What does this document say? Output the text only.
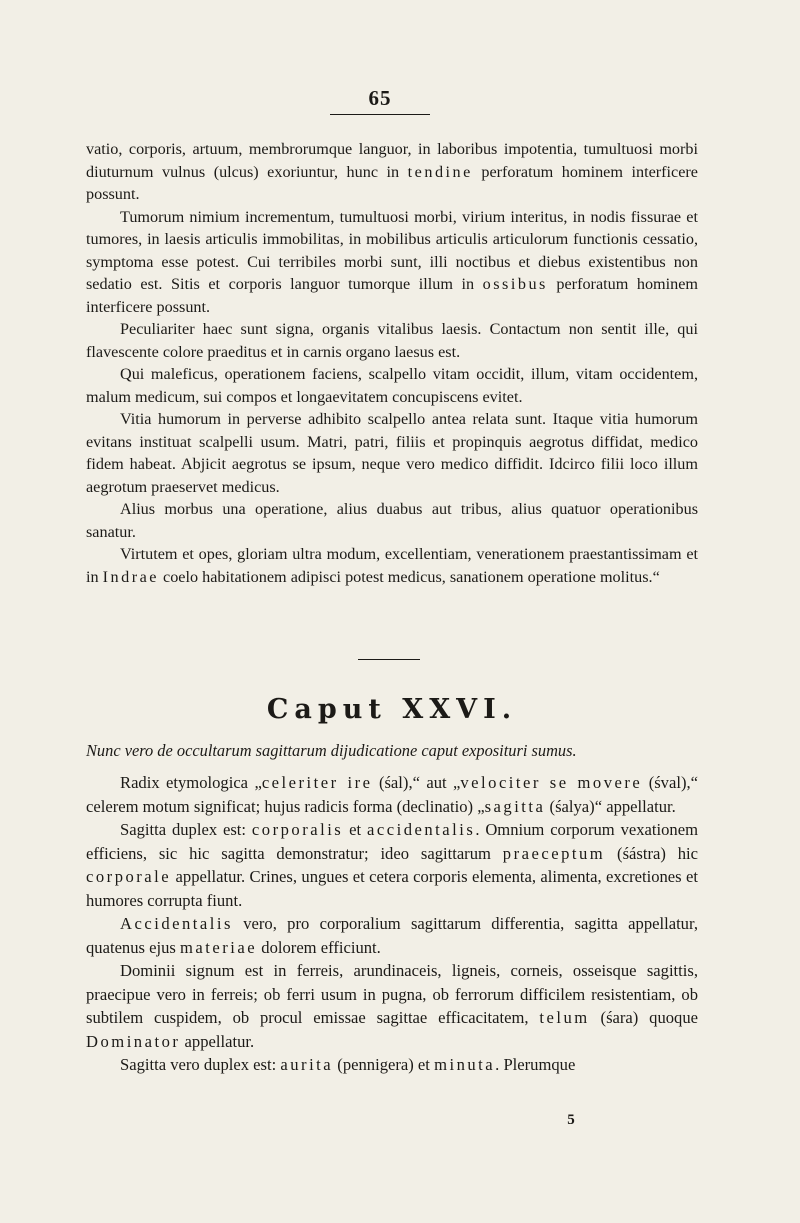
65

vatio, corporis, artuum, membrorumque languor, in laboribus impotentia, tumultuosi morbi diuturnum vulnus (ulcus) exoriuntur, hunc in tendine perforatum hominem interficere possunt.

Tumorum nimium incrementum, tumultuosi morbi, virium interitus, in nodis fissurae et tumores, in laesis articulis immobilitas, in mobilibus articulis articulorum functionis cessatio, symptoma esse potest. Cui terribiles morbi sunt, illi noctibus et diebus existentibus non sedatio est. Sitis et corporis languor tumorque illum in ossibus perforatum hominem interficere possunt.

Peculiariter haec sunt signa, organis vitalibus laesis. Contactum non sentit ille, qui flavescente colore praeditus et in carnis organo laesus est.

Qui maleficus, operationem faciens, scalpello vitam occidit, illum, vitam occidentem, malum medicum, sui compos et longaevitatem concupiscens evitet.

Vitia humorum in perverse adhibito scalpello antea relata sunt. Itaque vitia humorum evitans instituat scalpelli usum. Matri, patri, filiis et propinquis aegrotus diffidat, medico fidem habeat. Abjicit aegrotus se ipsum, neque vero medico diffidit. Idcirco filii loco illum aegrotum praeservet medicus.

Alius morbus una operatione, alius duabus aut tribus, alius quatuor operationibus sanatur.

Virtutem et opes, gloriam ultra modum, excellentiam, venerationem praestantissimam et in Indrae coelo habitationem adipisci potest medicus, sanationem operatione molitus.“

Caput XXVI.
Nunc vero de occultarum sagittarum dijudicatione caput exposituri sumus.

Radix etymologica „celeriter ire (śal),“ aut „velociter se movere (śval),“ celerem motum significat; hujus radicis forma (declinatio) „sagitta (śalya)“ appellatur.

Sagitta duplex est: corporalis et accidentalis. Omnium corporum vexationem efficiens, sic hic sagitta demonstratur; ideo sagittarum praeceptum (śástra) hic corporale appellatur. Crines, ungues et cetera corporis elementa, alimenta, excretiones et humores corrupta fiunt.

Accidentalis vero, pro corporalium sagittarum differentia, sagitta appellatur, quatenus ejus materiae dolorem efficiunt.

Dominii signum est in ferreis, arundinaceis, ligneis, corneis, osseisque sagittis, praecipue vero in ferreis; ob ferri usum in pugna, ob ferrorum difficilem resistentiam, ob subtilem cuspidem, ob procul emissae sagittae efficacitatem, telum (śara) quoque Dominator appellatur.

Sagitta vero duplex est: aurita (pennigera) et minuta. Plerumque

5
